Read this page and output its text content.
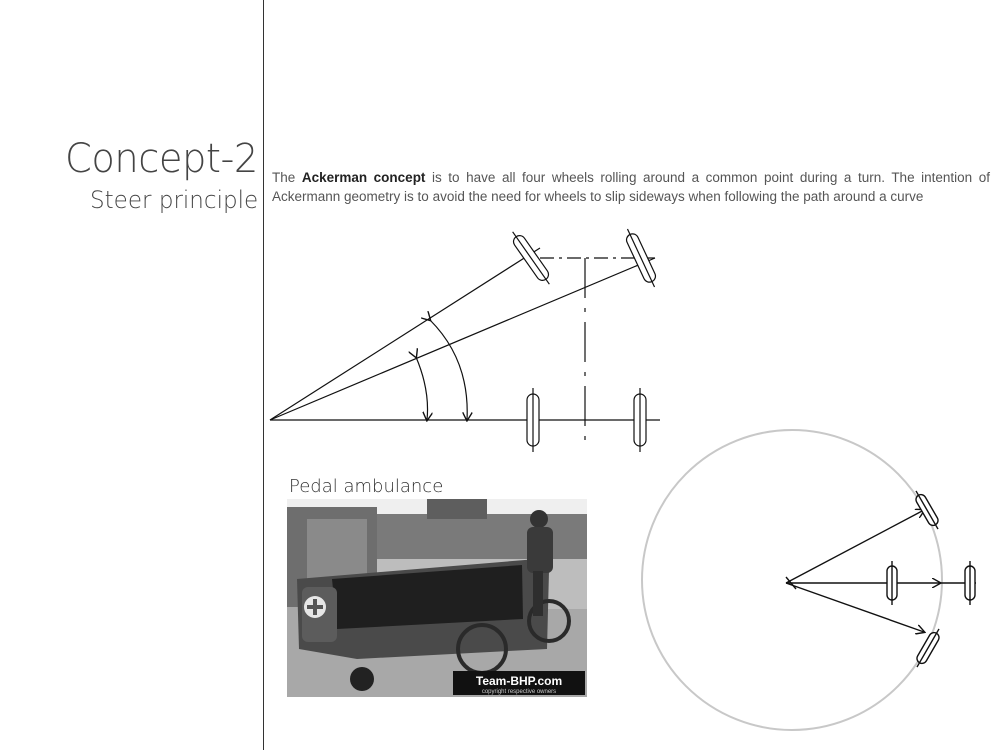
Concept-2
Steer principle
The Ackerman concept is to have all four wheels rolling around a common point during a turn. The intention of Ackermann geometry is to avoid the need for wheels to slip sideways when following the path around a curve
Pedal ambulance
Team-BHP.com
copyright respective owners
